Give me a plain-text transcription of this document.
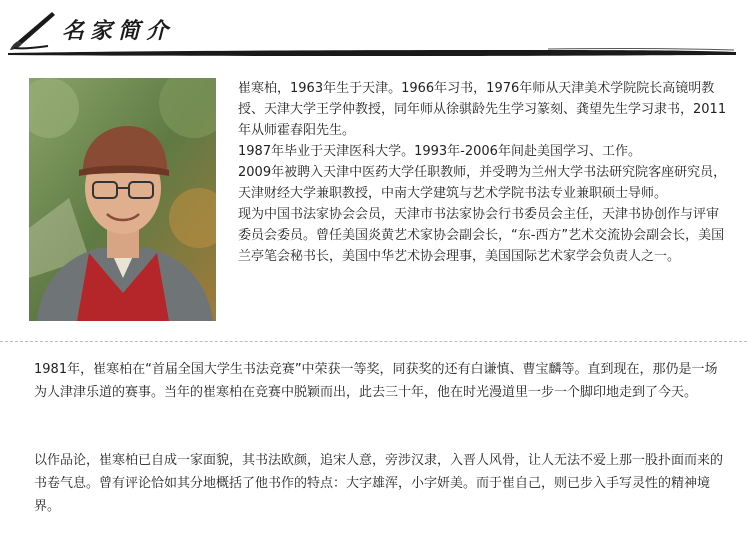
名家简介

崔寒柏，1963年生于天津。1966年习书，1976年师从天津美术学院院长高镜明教授、天津大学王学仲教授，同年师从徐骐龄先生学习篆刻、龚望先生学习隶书，2011年从师霍春阳先生。

1987年毕业于天津医科大学。1993年-2006年间赴美国学习、工作。

2009年被聘入天津中医药大学任职教师，并受聘为兰州大学书法研究院客座研究员，天津财经大学兼职教授，中南大学建筑与艺术学院书法专业兼职硕士导师。

现为中国书法家协会会员，天津市书法家协会行书委员会主任，天津书协创作与评审委员会委员。曾任美国炎黄艺术家协会副会长，“东-西方”艺术交流协会副会长，美国兰亭笔会秘书长，美国中华艺术协会理事，美国国际艺术家学会负责人之一。

1981年，崔寒柏在“首届全国大学生书法竞赛”中荣获一等奖，同获奖的还有白谦慎、曹宝麟等。直到现在，那仍是一场为人津津乐道的赛事。当年的崔寒柏在竞赛中脱颖而出，此去三十年，他在时光漫道里一步一个脚印地走到了今天。

以作品论，崔寒柏已自成一家面貌，其书法欧颜，追宋人意，旁涉汉隶，入晋人风骨，让人无法不爱上那一股扑面而来的书卷气息。曾有评论恰如其分地概括了他书作的特点：大字雄浑，小字妍美。而于崔自己，则已步入手写灵性的精神境界。
